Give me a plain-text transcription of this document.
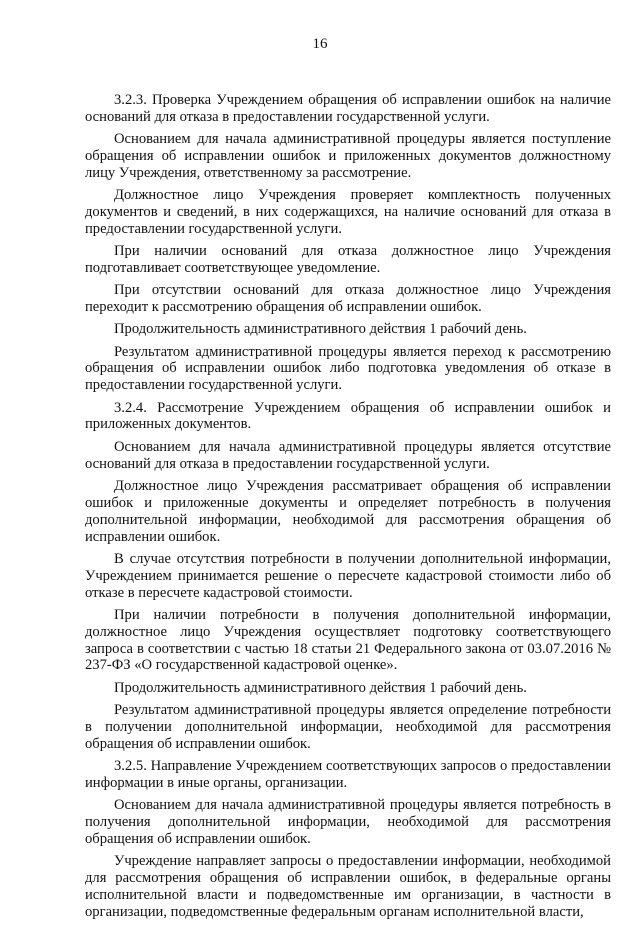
16

3.2.3. Проверка Учреждением обращения об исправлении ошибок на наличие оснований для отказа в предоставлении государственной услуги.

Основанием для начала административной процедуры является поступление обращения об исправлении ошибок и приложенных документов должностному лицу Учреждения, ответственному за рассмотрение.

Должностное лицо Учреждения проверяет комплектность полученных документов и сведений, в них содержащихся, на наличие оснований для отказа в предоставлении государственной услуги.

При наличии оснований для отказа должностное лицо Учреждения подготавливает соответствующее уведомление.

При отсутствии оснований для отказа должностное лицо Учреждения переходит к рассмотрению обращения об исправлении ошибок.

Продолжительность административного действия 1 рабочий день.

Результатом административной процедуры является переход к рассмотрению обращения об исправлении ошибок либо подготовка уведомления об отказе в предоставлении государственной услуги.

3.2.4. Рассмотрение Учреждением обращения об исправлении ошибок и приложенных документов.

Основанием для начала административной процедуры является отсутствие оснований для отказа в предоставлении государственной услуги.

Должностное лицо Учреждения рассматривает обращения об исправлении ошибок и приложенные документы и определяет потребность в получения дополнительной информации, необходимой для рассмотрения обращения об исправлении ошибок.

В случае отсутствия потребности в получении дополнительной информации, Учреждением принимается решение о пересчете кадастровой стоимости либо об отказе в пересчете кадастровой стоимости.

При наличии потребности в получения дополнительной информации, должностное лицо Учреждения осуществляет подготовку соответствующего запроса в соответствии с частью 18 статьи 21 Федерального закона от 03.07.2016 № 237-ФЗ «О государственной кадастровой оценке».

Продолжительность административного действия 1 рабочий день.

Результатом административной процедуры является определение потребности в получении дополнительной информации, необходимой для рассмотрения обращения об исправлении ошибок.

3.2.5. Направление Учреждением соответствующих запросов о предоставлении информации в иные органы, организации.

Основанием для начала административной процедуры является потребность в получения дополнительной информации, необходимой для рассмотрения обращения об исправлении ошибок.

Учреждение направляет запросы о предоставлении информации, необходимой для рассмотрения обращения об исправлении ошибок, в федеральные органы исполнительной власти и подведомственные им организации, в частности в организации, подведомственные федеральным органам исполнительной власти,
